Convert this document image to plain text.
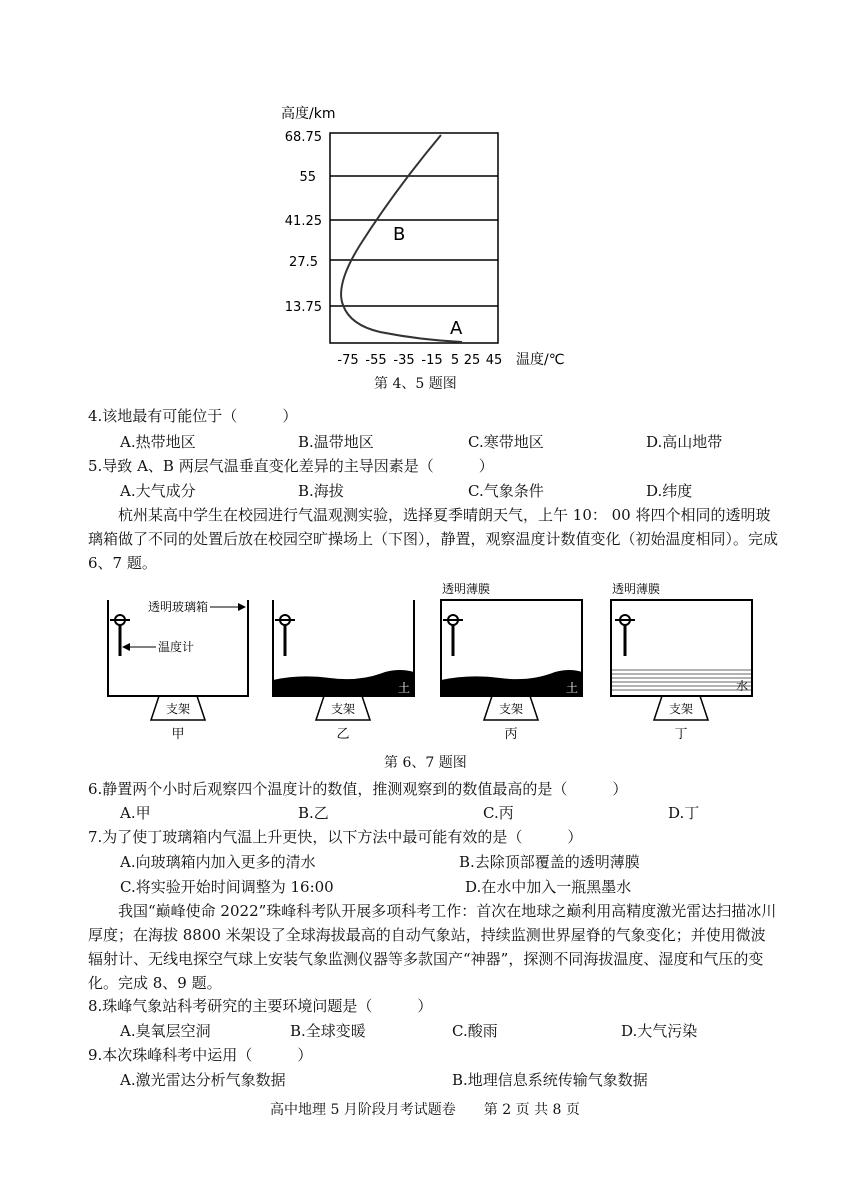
高度/km
68.75
55
41.25
27.5
13.75
B
A
-75 -55 -35 -15 5 25 45 温度/℃
第 4、5 题图
4.该地最有可能位于（　　　）
A.热带地区	B.温带地区	C.寒带地区	D.高山地带
5.导致 A、B 两层气温垂直变化差异的主导因素是（　　　）
A.大气成分	B.海拔	C.气象条件	D.纬度
杭州某高中学生在校园进行气温观测实验，选择夏季晴朗天气，上午 10： 00 将四个相同的透明玻璃箱做了不同的处置后放在校园空旷操场上（下图），静置，观察温度计数值变化（初始温度相同）。完成 6、7 题。
透明玻璃箱
温度计
支架
甲
土
支架
乙
透明薄膜
土
支架
丙
透明薄膜
水
支架
丁
第 6、7 题图
6.静置两个小时后观察四个温度计的数值，推测观察到的数值最高的是（　　　）
A.甲	B.乙	C.丙	D.丁
7.为了使丁玻璃箱内气温上升更快，以下方法中最可能有效的是（　　　）
A.向玻璃箱内加入更多的清水	B.去除顶部覆盖的透明薄膜
C.将实验开始时间调整为 16:00	D.在水中加入一瓶黑墨水
我国“巅峰使命 2022”珠峰科考队开展多项科考工作：首次在地球之巅利用高精度激光雷达扫描冰川厚度；在海拔 8800 米架设了全球海拔最高的自动气象站，持续监测世界屋脊的气象变化；并使用微波辐射计、无线电探空气球上安装气象监测仪器等多款国产“神器”，探测不同海拔温度、湿度和气压的变化。完成 8、9 题。
8.珠峰气象站科考研究的主要环境问题是（　　　）
A.臭氧层空洞	B.全球变暖	C.酸雨	D.大气污染
9.本次珠峰科考中运用（　　　）
A.激光雷达分析气象数据	B.地理信息系统传输气象数据
高中地理 5 月阶段月考试题卷　　第 2 页 共 8 页
